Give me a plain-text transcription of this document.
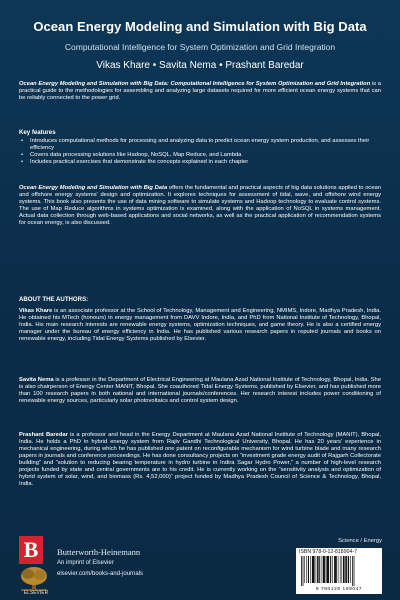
Ocean Energy Modeling and Simulation with Big Data
Computational Intelligence for System Optimization and Grid Integration
Vikas Khare • Savita Nema • Prashant Baredar
Ocean Energy Modeling and Simulation with Big Data: Computational Intelligence for System Optimization and Grid Integration is a practical guide to the methodologies for assembling and analyzing large datasets required for more efficient ocean energy systems that can be reliably connected to the power grid.
Key features
• Introduces computational methods for processing and analyzing data to predict ocean energy system production, and assesses their efficiency
• Covers data processing solutions like Hadoop, NoSQL, Map Reduce, and Lambda
• Includes practical exercises that demonstrate the concepts explained in each chapter
Ocean Energy Modeling and Simulation with Big Data offers the fundamental and practical aspects of big data solutions applied to ocean and offshore energy systems' design and optimization. It explores techniques for assessment of tidal, wave, and offshore wind energy systems. This book also presents the use of data mining software to simulate systems and Hadoop technology to evaluate control systems. The use of Map Reduce algorithms in systems optimization is examined, along with the application of NoSQL in systems management. Actual data collection through web-based applications and social networks, as well as the practical application of recommendation systems for ocean energy, is also discussed.
ABOUT THE AUTHORS:
Vikas Khare is an associate professor at the School of Technology, Management and Engineering, NMIMS, Indore, Madhya Pradesh, India. He obtained his MTech (honours) in energy management from DAVV Indore, India, and PhD from National Institute of Technology, Bhopal, India. His main research interests are renewable energy systems, optimization techniques, and game theory. He is also a certified energy manager under the bureau of energy efficiency in India. He has published various research papers in reputed journals and books on renewable energy, including Tidal Energy Systems published by Elsevier.
Savita Nema is a professor in the Department of Electrical Engineering at Maulana Azad National Institute of Technology, Bhopal, India. She is also chairperson of Energy Center MANIT, Bhopal. She coauthored Tidal Energy Systems, published by Elsevier, and has published more than 100 research papers in both national and international journals/conferences. Her research interest includes power conditioning of renewable energy sources, particularly solar photovoltaics and control system design.
Prashant Baredar is a professor and head in the Energy Department at Maulana Azad National Institute of Technology (MANIT), Bhopal, India. He holds a PhD in hybrid energy system from Rajiv Gandhi Technological University, Bhopal. He has 20 years' experience in mechanical engineering, during which he has published one patent on reconfigurable mechanism for wind turbine blade and many research papers in journals and conference proceedings. He has done consultancy projects on “investment grade energy audit of Rajgarh Collectorate building” and “solution to reducing bearing temperature in hydro turbine in Indira Sagar Hydro Power,” a number of high-level research projects funded by state and central governments are to his credit. He is currently working on the “sensitivity analysis and optimization of hybrid system of solar, wind, and biomass (Rs. 4,52,000)” project funded by Madhya Pradesh Council of Science & Technology, Bhopal, India.
Science / Energy
ISBN 978-0-12-818904-7
9 780128 189047
B
ELSEVIER
Butterworth-Heinemann
An imprint of Elsevier
elsevier.com/books-and-journals
